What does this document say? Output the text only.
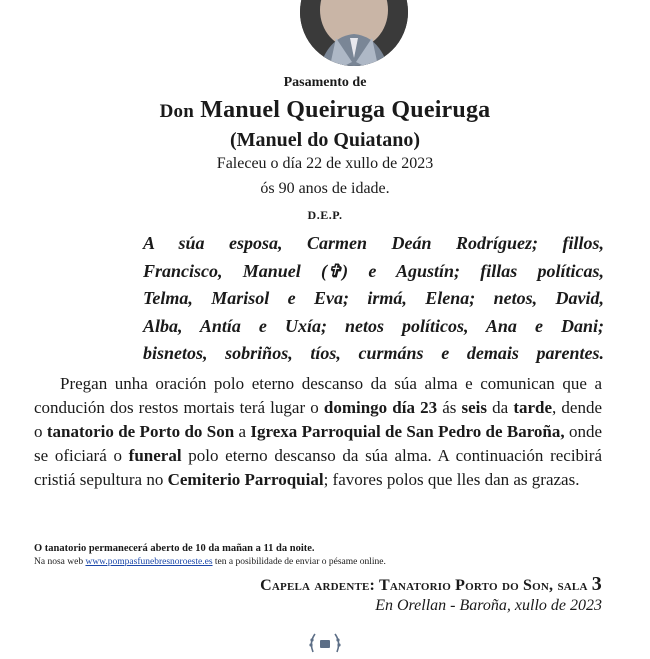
Pasamento de
Don Manuel Queiruga Queiruga
(Manuel do Quiatano)
Faleceu o día 22 de xullo de 2023
ós 90 anos de idade.
D.E.P.

A súa esposa, Carmen Deán Rodríguez; fillos,

Francisco, Manuel (✞) e Agustín; fillas políticas,

Telma, Marisol e Eva; irmá, Elena; netos, David,

Alba, Antía e Uxía; netos políticos, Ana e Dani;

bisnetos, sobriños, tíos, curmáns e demais parentes.

Pregan unha oración polo eterno descanso da súa alma e comunican que a condución dos restos mortais terá lugar o domingo día 23 ás seis da tarde, dende o tanatorio de Porto do Son a Igrexa Parroquial de San Pedro de Baroña, onde se oficiará o funeral polo eterno descanso da súa alma. A continuación recibirá cristiá sepultura no Cemiterio Parroquial; favores polos que lles dan as grazas.
O tanatorio permanecerá aberto de 10 da mañan a 11 da noite.
Na nosa web www.pompasfunebresnoroeste.es ten a posibilidade de enviar o pésame online.
Capela ardente: Tanatorio Porto do Son, sala 3
En Orellan - Baroña, xullo de 2023
